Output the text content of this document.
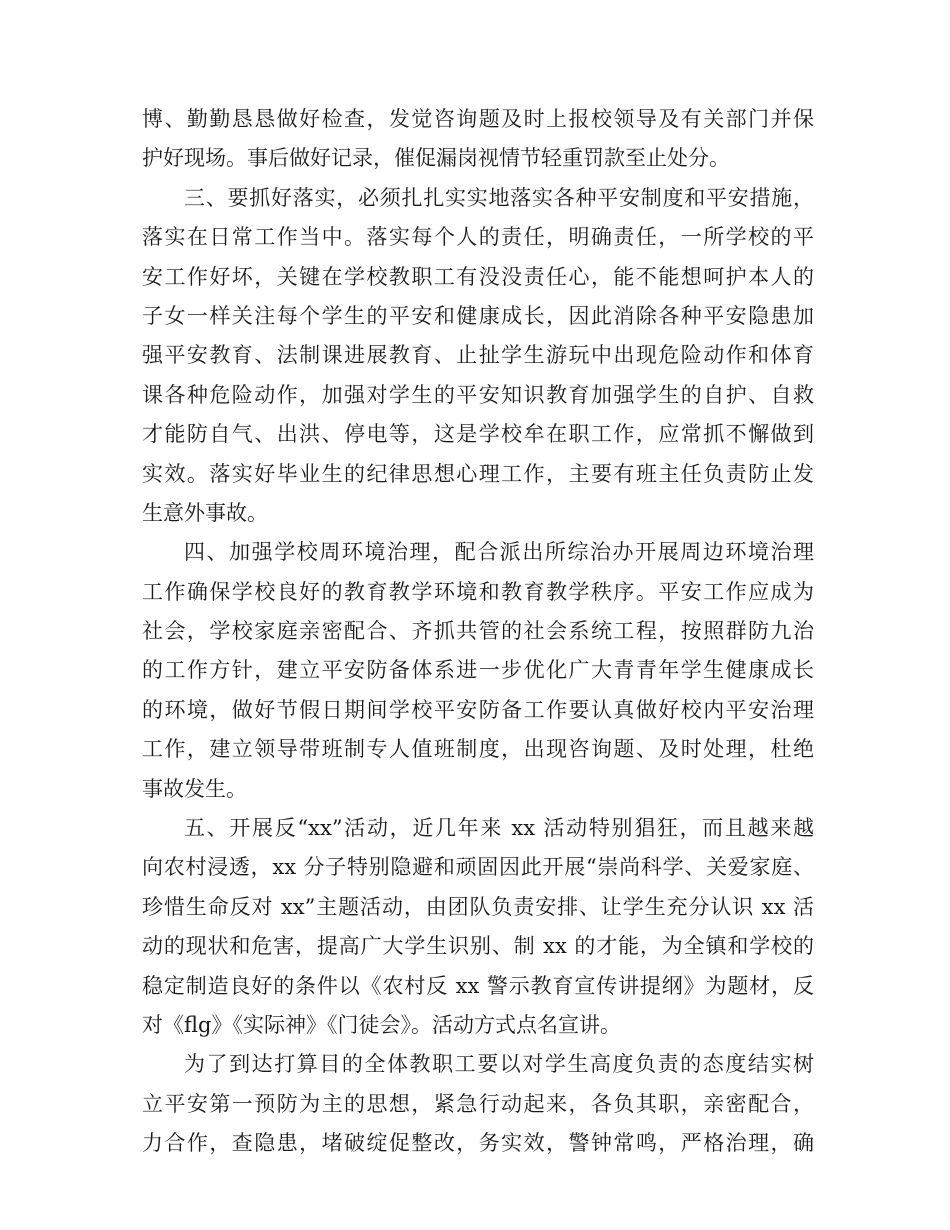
博、勤勤恳恳做好检查，发觉咨询题及时上报校领导及有关部门并保
护好现场。事后做好记录，催促漏岗视情节轻重罚款至止处分。
三、要抓好落实，必须扎扎实实地落实各种平安制度和平安措施，
落实在日常工作当中。落实每个人的责任，明确责任，一所学校的平
安工作好坏，关键在学校教职工有没没责任心，能不能想呵护本人的
子女一样关注每个学生的平安和健康成长，因此消除各种平安隐患加
强平安教育、法制课进展教育、止扯学生游玩中出现危险动作和体育
课各种危险动作，加强对学生的平安知识教育加强学生的自护、自救
才能防自气、出洪、停电等，这是学校牟在职工作，应常抓不懈做到
实效。落实好毕业生的纪律思想心理工作，主要有班主任负责防止发
生意外事故。
四、加强学校周环境治理，配合派出所综治办开展周边环境治理
工作确保学校良好的教育教学环境和教育教学秩序。平安工作应成为
社会，学校家庭亲密配合、齐抓共管的社会系统工程，按照群防九治
的工作方针，建立平安防备体系进一步优化广大青青年学生健康成长
的环境，做好节假日期间学校平安防备工作要认真做好校内平安治理
工作，建立领导带班制专人值班制度，出现咨询题、及时处理，杜绝
事故发生。
五、开展反“xx”活动，近几年来 xx 活动特别猖狂，而且越来越
向农村浸透，xx 分子特别隐避和顽固因此开展“崇尚科学、关爱家庭、
珍惜生命反对 xx”主题活动，由团队负责安排、让学生充分认识 xx 活
动的现状和危害，提高广大学生识别、制 xx 的才能，为全镇和学校的
稳定制造良好的条件以《农村反 xx 警示教育宣传讲提纲》为题材，反
对《flg》《实际神》《门徒会》。活动方式点名宣讲。
为了到达打算目的全体教职工要以对学生高度负责的态度结实树
立平安第一预防为主的思想，紧急行动起来，各负其职，亲密配合，
力合作，查隐患，堵破绽促整改，务实效，警钟常鸣，严格治理，确
